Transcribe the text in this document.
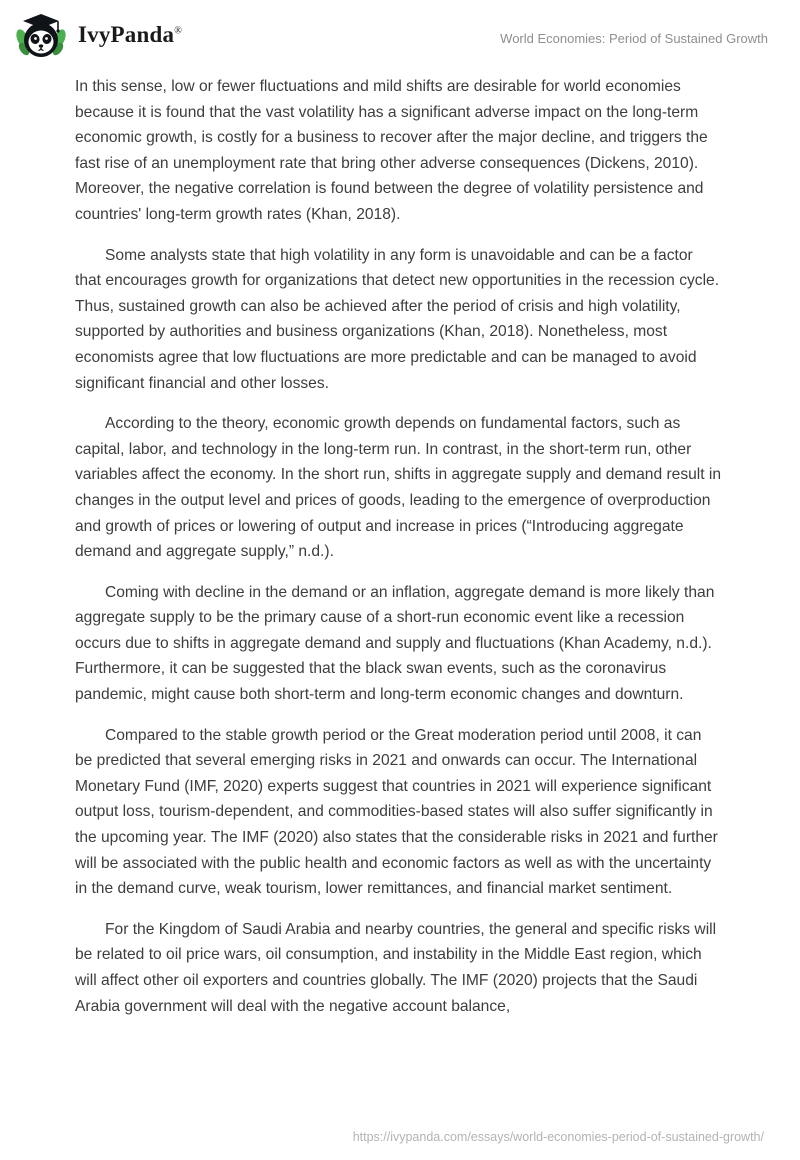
IvyPanda®	World Economies: Period of Sustained Growth

In this sense, low or fewer fluctuations and mild shifts are desirable for world economies because it is found that the vast volatility has a significant adverse impact on the long-term economic growth, is costly for a business to recover after the major decline, and triggers the fast rise of an unemployment rate that bring other adverse consequences (Dickens, 2010). Moreover, the negative correlation is found between the degree of volatility persistence and countries' long-term growth rates (Khan, 2018).

Some analysts state that high volatility in any form is unavoidable and can be a factor that encourages growth for organizations that detect new opportunities in the recession cycle. Thus, sustained growth can also be achieved after the period of crisis and high volatility, supported by authorities and business organizations (Khan, 2018). Nonetheless, most economists agree that low fluctuations are more predictable and can be managed to avoid significant financial and other losses.

According to the theory, economic growth depends on fundamental factors, such as capital, labor, and technology in the long-term run. In contrast, in the short-term run, other variables affect the economy. In the short run, shifts in aggregate supply and demand result in changes in the output level and prices of goods, leading to the emergence of overproduction and growth of prices or lowering of output and increase in prices (“Introducing aggregate demand and aggregate supply,” n.d.).

Coming with decline in the demand or an inflation, aggregate demand is more likely than aggregate supply to be the primary cause of a short-run economic event like a recession occurs due to shifts in aggregate demand and supply and fluctuations (Khan Academy, n.d.). Furthermore, it can be suggested that the black swan events, such as the coronavirus pandemic, might cause both short-term and long-term economic changes and downturn.

Compared to the stable growth period or the Great moderation period until 2008, it can be predicted that several emerging risks in 2021 and onwards can occur. The International Monetary Fund (IMF, 2020) experts suggest that countries in 2021 will experience significant output loss, tourism-dependent, and commodities-based states will also suffer significantly in the upcoming year. The IMF (2020) also states that the considerable risks in 2021 and further will be associated with the public health and economic factors as well as with the uncertainty in the demand curve, weak tourism, lower remittances, and financial market sentiment.

For the Kingdom of Saudi Arabia and nearby countries, the general and specific risks will be related to oil price wars, oil consumption, and instability in the Middle East region, which will affect other oil exporters and countries globally. The IMF (2020) projects that the Saudi Arabia government will deal with the negative account balance,

https://ivypanda.com/essays/world-economies-period-of-sustained-growth/
